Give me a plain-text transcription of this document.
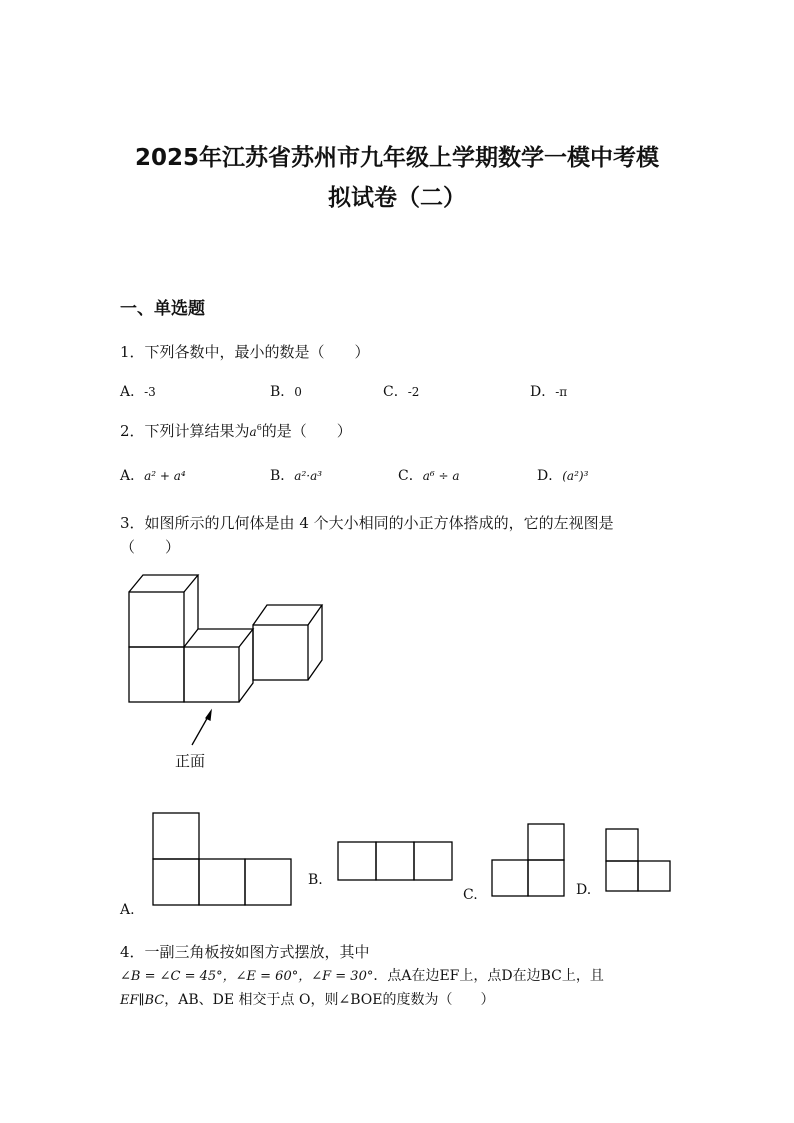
2025年江苏省苏州市九年级上学期数学一模中考模
拟试卷（二）
一、单选题
1．下列各数中，最小的数是（　　）
A．-3	B．0	C．-2	D．-π
2．下列计算结果为$a^6$的是（　　）
A．a² + a⁴	B．a²·a³	C．a⁶ ÷ a	D．(a²)³
3．如图所示的几何体是由 4 个大小相同的小正方体搭成的，它的左视图是
（　　）
正面
A.
B.
C.	D.
4．一副三角板按如图方式摆放，其中
∠B = ∠C = 45°，∠E = 60°，∠F = 30°．点A在边EF上，点D在边BC上，且
EF∥BC，AB、DE 相交于点 O，则∠BOE的度数为（　　）
